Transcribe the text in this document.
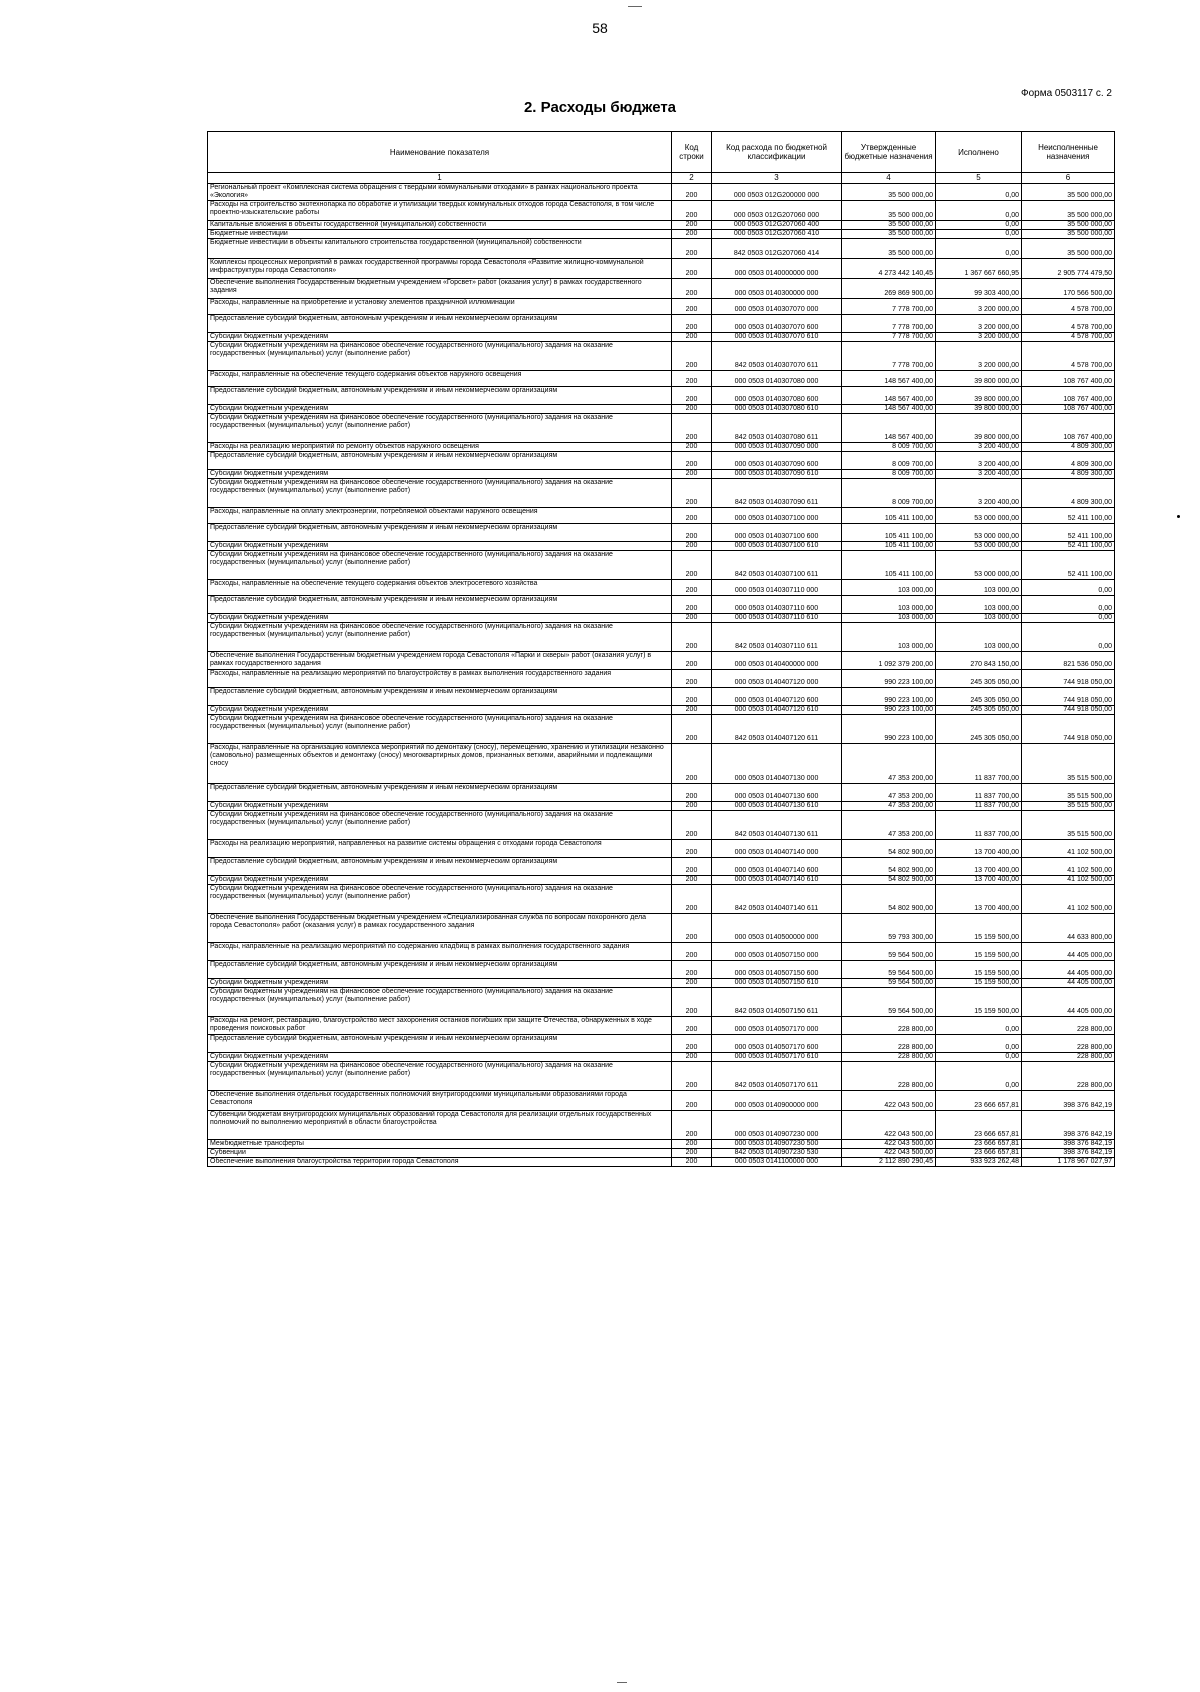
58
Форма 0503117 с. 2
2. Расходы бюджета
Наименование показателя	Код строки	Код расхода по бюджетной классификации	Утвержденные бюджетные назначения	Исполнено	Неисполненные назначения
1	2	3	4	5	6
Региональный проект «Комплексная система обращения с твердыми коммунальными отходами» в рамках национального проекта «Экология»	200	000 0503 012G200000 000	35 500 000,00	0,00	35 500 000,00
Расходы на строительство экотехнопарка по обработке и утилизации твердых коммунальных отходов города Севастополя, в том числе проектно-изыскательские работы	200	000 0503 012G207060 000	35 500 000,00	0,00	35 500 000,00
Капитальные вложения в объекты государственной (муниципальной) собственности	200	000 0503 012G207060 400	35 500 000,00	0,00	35 500 000,00
Бюджетные инвестиции	200	000 0503 012G207060 410	35 500 000,00	0,00	35 500 000,00
Бюджетные инвестиции в объекты капитального строительства государственной (муниципальной) собственности	200	842 0503 012G207060 414	35 500 000,00	0,00	35 500 000,00
Комплексы процессных мероприятий в рамках государственной программы города Севастополя «Развитие жилищно-коммунальной инфраструктуры города Севастополя»	200	000 0503 0140000000 000	4 273 442 140,45	1 367 667 660,95	2 905 774 479,50
Обеспечение выполнения Государственным бюджетным учреждением «Горсвет» работ (оказания услуг) в рамках государственного задания	200	000 0503 0140300000 000	269 869 900,00	99 303 400,00	170 566 500,00
Расходы, направленные на приобретение и установку элементов праздничной иллюминации	200	000 0503 0140307070 000	7 778 700,00	3 200 000,00	4 578 700,00
Предоставление субсидий бюджетным, автономным учреждениям и иным некоммерческим организациям	200	000 0503 0140307070 600	7 778 700,00	3 200 000,00	4 578 700,00
Субсидии бюджетным учреждениям	200	000 0503 0140307070 610	7 778 700,00	3 200 000,00	4 578 700,00
Субсидии бюджетным учреждениям на финансовое обеспечение государственного (муниципального) задания на оказание государственных (муниципальных) услуг (выполнение работ)	200	842 0503 0140307070 611	7 778 700,00	3 200 000,00	4 578 700,00
Расходы, направленные на обеспечение текущего содержания объектов наружного освещения	200	000 0503 0140307080 000	148 567 400,00	39 800 000,00	108 767 400,00
Предоставление субсидий бюджетным, автономным учреждениям и иным некоммерческим организациям	200	000 0503 0140307080 600	148 567 400,00	39 800 000,00	108 767 400,00
Субсидии бюджетным учреждениям	200	000 0503 0140307080 610	148 567 400,00	39 800 000,00	108 767 400,00
Субсидии бюджетным учреждениям на финансовое обеспечение государственного (муниципального) задания на оказание государственных (муниципальных) услуг (выполнение работ)	200	842 0503 0140307080 611	148 567 400,00	39 800 000,00	108 767 400,00
Расходы на реализацию мероприятий по ремонту объектов наружного освещения	200	000 0503 0140307090 000	8 009 700,00	3 200 400,00	4 809 300,00
Предоставление субсидий бюджетным, автономным учреждениям и иным некоммерческим организациям	200	000 0503 0140307090 600	8 009 700,00	3 200 400,00	4 809 300,00
Субсидии бюджетным учреждениям	200	000 0503 0140307090 610	8 009 700,00	3 200 400,00	4 809 300,00
Субсидии бюджетным учреждениям на финансовое обеспечение государственного (муниципального) задания на оказание государственных (муниципальных) услуг (выполнение работ)	200	842 0503 0140307090 611	8 009 700,00	3 200 400,00	4 809 300,00
Расходы, направленные на оплату электроэнергии, потребляемой объектами наружного освещения	200	000 0503 0140307100 000	105 411 100,00	53 000 000,00	52 411 100,00
Предоставление субсидий бюджетным, автономным учреждениям и иным некоммерческим организациям	200	000 0503 0140307100 600	105 411 100,00	53 000 000,00	52 411 100,00
Субсидии бюджетным учреждениям	200	000 0503 0140307100 610	105 411 100,00	53 000 000,00	52 411 100,00
Субсидии бюджетным учреждениям на финансовое обеспечение государственного (муниципального) задания на оказание государственных (муниципальных) услуг (выполнение работ)	200	842 0503 0140307100 611	105 411 100,00	53 000 000,00	52 411 100,00
Расходы, направленные на обеспечение текущего содержания объектов электросетевого хозяйства	200	000 0503 0140307110 000	103 000,00	103 000,00	0,00
Предоставление субсидий бюджетным, автономным учреждениям и иным некоммерческим организациям	200	000 0503 0140307110 600	103 000,00	103 000,00	0,00
Субсидии бюджетным учреждениям	200	000 0503 0140307110 610	103 000,00	103 000,00	0,00
Субсидии бюджетным учреждениям на финансовое обеспечение государственного (муниципального) задания на оказание государственных (муниципальных) услуг (выполнение работ)	200	842 0503 0140307110 611	103 000,00	103 000,00	0,00
Обеспечение выполнения Государственным бюджетным учреждением города Севастополя «Парки и скверы» работ (оказания услуг) в рамках государственного задания	200	000 0503 0140400000 000	1 092 379 200,00	270 843 150,00	821 536 050,00
Расходы, направленные на реализацию мероприятий по благоустройству в рамках выполнения государственного задания	200	000 0503 0140407120 000	990 223 100,00	245 305 050,00	744 918 050,00
Предоставление субсидий бюджетным, автономным учреждениям и иным некоммерческим организациям	200	000 0503 0140407120 600	990 223 100,00	245 305 050,00	744 918 050,00
Субсидии бюджетным учреждениям	200	000 0503 0140407120 610	990 223 100,00	245 305 050,00	744 918 050,00
Субсидии бюджетным учреждениям на финансовое обеспечение государственного (муниципального) задания на оказание государственных (муниципальных) услуг (выполнение работ)	200	842 0503 0140407120 611	990 223 100,00	245 305 050,00	744 918 050,00
Расходы, направленные на организацию комплекса мероприятий по демонтажу (сносу), перемещению, хранению и утилизации незаконно (самовольно) размещенных объектов и демонтажу (сносу) многоквартирных домов, признанных ветхими, аварийными и подлежащими сносу	200	000 0503 0140407130 000	47 353 200,00	11 837 700,00	35 515 500,00
Предоставление субсидий бюджетным, автономным учреждениям и иным некоммерческим организациям	200	000 0503 0140407130 600	47 353 200,00	11 837 700,00	35 515 500,00
Субсидии бюджетным учреждениям	200	000 0503 0140407130 610	47 353 200,00	11 837 700,00	35 515 500,00
Субсидии бюджетным учреждениям на финансовое обеспечение государственного (муниципального) задания на оказание государственных (муниципальных) услуг (выполнение работ)	200	842 0503 0140407130 611	47 353 200,00	11 837 700,00	35 515 500,00
Расходы на реализацию мероприятий, направленных на развитие системы обращения с отходами города Севастополя	200	000 0503 0140407140 000	54 802 900,00	13 700 400,00	41 102 500,00
Предоставление субсидий бюджетным, автономным учреждениям и иным некоммерческим организациям	200	000 0503 0140407140 600	54 802 900,00	13 700 400,00	41 102 500,00
Субсидии бюджетным учреждениям	200	000 0503 0140407140 610	54 802 900,00	13 700 400,00	41 102 500,00
Субсидии бюджетным учреждениям на финансовое обеспечение государственного (муниципального) задания на оказание государственных (муниципальных) услуг (выполнение работ)	200	842 0503 0140407140 611	54 802 900,00	13 700 400,00	41 102 500,00
Обеспечение выполнения Государственным бюджетным учреждением «Специализированная служба по вопросам похоронного дела города Севастополя» работ (оказания услуг) в рамках государственного задания	200	000 0503 0140500000 000	59 793 300,00	15 159 500,00	44 633 800,00
Расходы, направленные на реализацию мероприятий по содержанию кладбищ в рамках выполнения государственного задания	200	000 0503 0140507150 000	59 564 500,00	15 159 500,00	44 405 000,00
Предоставление субсидий бюджетным, автономным учреждениям и иным некоммерческим организациям	200	000 0503 0140507150 600	59 564 500,00	15 159 500,00	44 405 000,00
Субсидии бюджетным учреждениям	200	000 0503 0140507150 610	59 564 500,00	15 159 500,00	44 405 000,00
Субсидии бюджетным учреждениям на финансовое обеспечение государственного (муниципального) задания на оказание государственных (муниципальных) услуг (выполнение работ)	200	842 0503 0140507150 611	59 564 500,00	15 159 500,00	44 405 000,00
Расходы на ремонт, реставрацию, благоустройство мест захоронения останков погибших при защите Отечества, обнаруженных в ходе проведения поисковых работ	200	000 0503 0140507170 000	228 800,00	0,00	228 800,00
Предоставление субсидий бюджетным, автономным учреждениям и иным некоммерческим организациям	200	000 0503 0140507170 600	228 800,00	0,00	228 800,00
Субсидии бюджетным учреждениям	200	000 0503 0140507170 610	228 800,00	0,00	228 800,00
Субсидии бюджетным учреждениям на финансовое обеспечение государственного (муниципального) задания на оказание государственных (муниципальных) услуг (выполнение работ)	200	842 0503 0140507170 611	228 800,00	0,00	228 800,00
Обеспечение выполнения отдельных государственных полномочий внутригородскими муниципальными образованиями города Севастополя	200	000 0503 0140900000 000	422 043 500,00	23 666 657,81	398 376 842,19
Субвенции бюджетам внутригородских муниципальных образований города Севастополя для реализации отдельных государственных полномочий по выполнению мероприятий в области благоустройства	200	000 0503 0140907230 000	422 043 500,00	23 666 657,81	398 376 842,19
Межбюджетные трансферты	200	000 0503 0140907230 500	422 043 500,00	23 666 657,81	398 376 842,19
Субвенции	200	842 0503 0140907230 530	422 043 500,00	23 666 657,81	398 376 842,19
Обеспечение выполнения благоустройства территории города Севастополя	200	000 0503 0141100000 000	2 112 890 290,45	933 923 262,48	1 178 967 027,97
